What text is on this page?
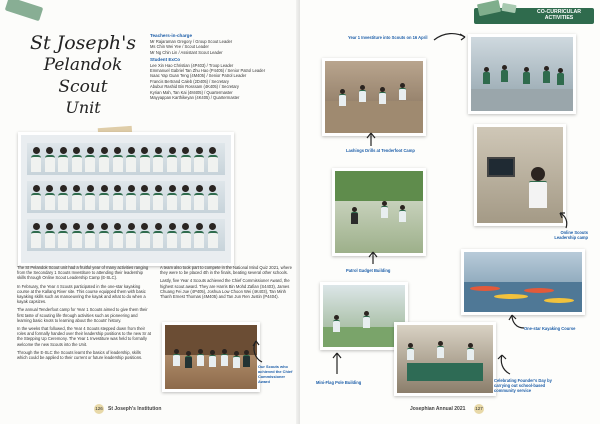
St Joseph's
Pelandok Scout
Unit
Teachers-in-charge
Mr Rajaraman Gregory / Group Scout Leader
Ms Chin Wei Yee / Scout Leader
Mr Ng Chin Lin / Assistant Scout Leader
Student ExCo
Lee Xin Hao Christian (4P403) / Troop Leader
Emmanuel Gabriel Tan Zhu Hao (P4405) / Senior Patrol Leader
Isaac Yap Guan Teng (4M405) / Senior Patrol Leader
Francis Bertrand Caleb (2D405) / Secretary
Abubur Rashid Bin Rosssam (4K405) / Secretary
Kyrian Mah, Tan Kai (4M405) / Quartermaster
Mayyappan Karthikeyan (4K405) / Quartermaster

The St Pelandok Scout unit had a fruitful year of many activities ranging from the Secondary 1 Scouts Investiture to attending their leadership skills through Online Scout Leadership Camp (E-SLC).

In February, the Year 4 Scouts participated in the one-star kayaking course at the Kallang River site. This course equipped them with basic kayaking skills such as manoeuvring the kayak and what to do when a kayak capsizes.

The annual Tenderfoot camp for Year 1 Scouts aimed to give them their first taste of scouting life through activities such as pioneering and learning basic knots to learning about the Scouts' history.

In the weeks that followed, the Year 4 Scouts stepped down from their roles and formally handed over their leadership positions to the new Sr at the Stepping Up Ceremony. The Year 1 Investiture was held to formally welcome the new Scouts into the Unit.

Through the E-SLC the Scouts learnt the basics of leadership, skills which could be applied to their current or future leadership positions.

A team also took part to compete in the National Mind Quiz 2021, where they were to be placed 4th in the finals, beating several other schools.

Lastly, five Year 4 Scouts achieved the Chief Commissioner Award, the highest scout award. They are Harris Bin Mohd Zafian (S4403), James Chuang Fei Jue (4P405), Joshua Low Choon Wei (4K403), Tan Minh Thanh Ernest Thomas (4M405) and Tan Jun Ren Justin (P4404).

Our Scouts who achieved the Chief Commissioner Award
126 St Joseph's Institution
CO-CURRICULAR ACTIVITIES
Year 1 Investiture into Scouts on 16 April
Lashings Drills at Tenderfoot Camp
Patrol Gadget Building
Online Scouts Leadership camp
One-star Kayaking Course
Mini-Flag Pole Building	Celebrating Founder's Day by carrying out school-based community service
Josephian Annual 2021 127
